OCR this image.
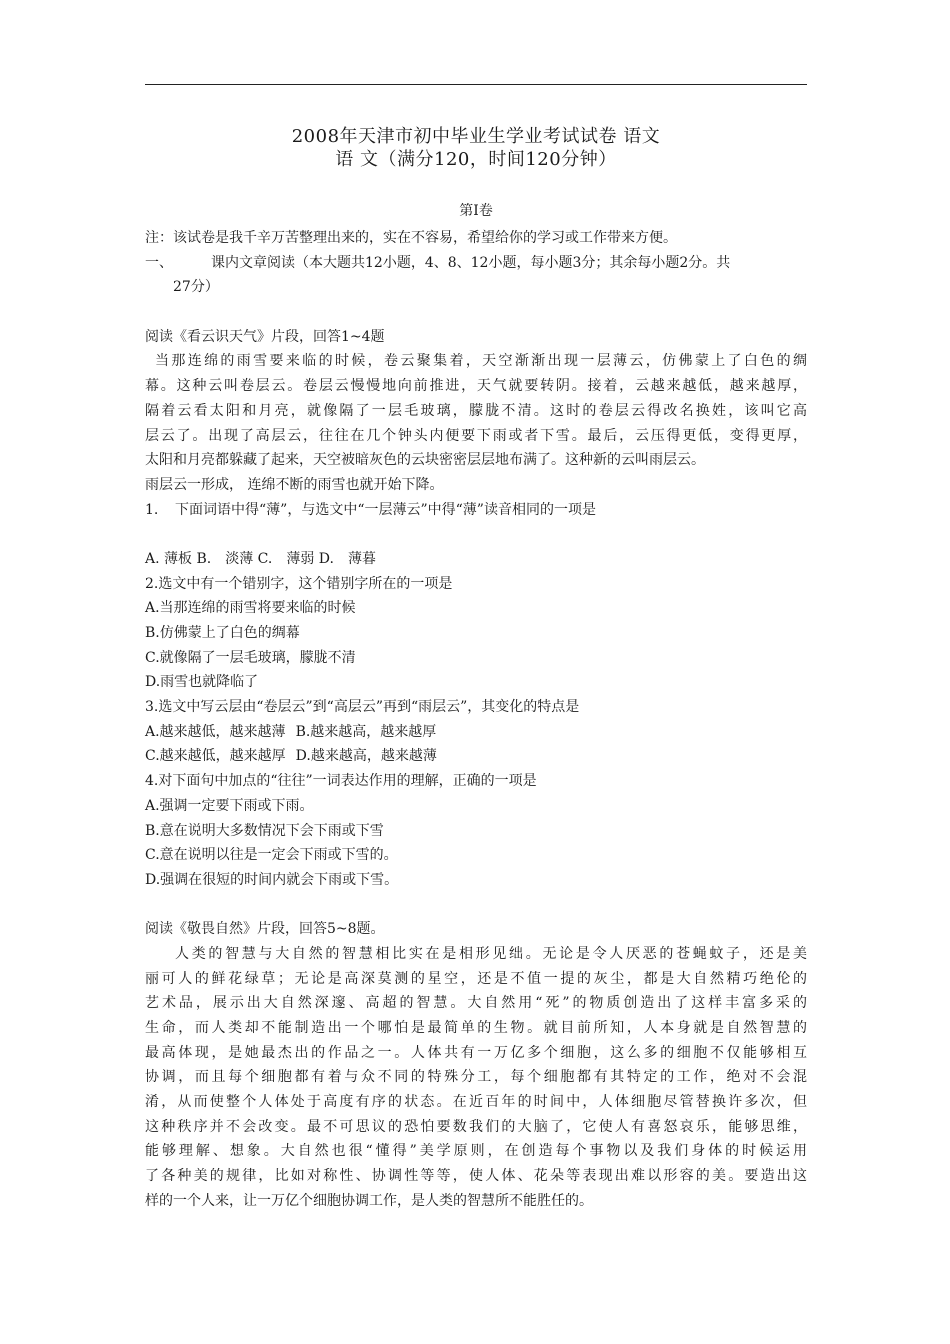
2008年天津市初中毕业生学业考试试卷 语文
语 文（满分120，时间120分钟）
第Ⅰ卷
注：该试卷是我千辛万苦整理出来的，实在不容易，希望给你的学习或工作带来方便。
一、	课内文章阅读（本大题共12小题，4、8、12小题，每小题3分；其余每小题2分。共
27分）
阅读《看云识天气》片段，回答1~4题
当那连绵的雨雪要来临的时候，卷云聚集着，天空渐渐出现一层薄云，仿佛蒙上了白色的绸
幕。这种云叫卷层云。卷层云慢慢地向前推进，天气就要转阴。接着，云越来越低，越来越厚，
隔着云看太阳和月亮，就像隔了一层毛玻璃，朦胧不清。这时的卷层云得改名换姓，该叫它高
层云了。出现了高层云，往往在几个钟头内便要下雨或者下雪。最后，云压得更低，变得更厚，
太阳和月亮都躲藏了起来，天空被暗灰色的云块密密层层地布满了。这种新的云叫雨层云。
雨层云一形成， 连绵不断的雨雪也就开始下降。
1. 下面词语中得“薄”，与选文中“一层薄云”中得“薄”读音相同的一项是
A. 薄板 B. 淡薄 C. 薄弱 D. 薄暮
2.选文中有一个错别字，这个错别字所在的一项是
A.当那连绵的雨雪将要来临的时候
B.仿佛蒙上了白色的绸幕
C.就像隔了一层毛玻璃，朦胧不清
D.雨雪也就降临了
3.选文中写云层由“卷层云”到“高层云”再到“雨层云”，其变化的特点是
A.越来越低，越来越薄 B.越来越高，越来越厚
C.越来越低，越来越厚 D.越来越高，越来越薄
4.对下面句中加点的“往往”一词表达作用的理解，正确的一项是
A.强调一定要下雨或下雨。
B.意在说明大多数情况下会下雨或下雪
C.意在说明以往是一定会下雨或下雪的。
D.强调在很短的时间内就会下雨或下雪。
阅读《敬畏自然》片段，回答5~8题。
人类的智慧与大自然的智慧相比实在是相形见绌。无论是令人厌恶的苍蝇蚊子，还是美
丽可人的鲜花绿草；无论是高深莫测的星空，还是不值一提的灰尘，都是大自然精巧绝伦的
艺术品，展示出大自然深邃、高超的智慧。大自然用“死”的物质创造出了这样丰富多采的
生命，而人类却不能制造出一个哪怕是最简单的生物。就目前所知，人本身就是自然智慧的
最高体现，是她最杰出的作品之一。人体共有一万亿多个细胞，这么多的细胞不仅能够相互
协调，而且每个细胞都有着与众不同的特殊分工，每个细胞都有其特定的工作，绝对不会混
淆，从而使整个人体处于高度有序的状态。在近百年的时间中，人体细胞尽管替换许多次，但
这种秩序并不会改变。最不可思议的恐怕要数我们的大脑了，它使人有喜怒哀乐，能够思维，
能够理解、想象。大自然也很“懂得”美学原则，在创造每个事物以及我们身体的时候运用
了各种美的规律，比如对称性、协调性等等，使人体、花朵等表现出难以形容的美。要造出这
样的一个人来，让一万亿个细胞协调工作，是人类的智慧所不能胜任的。
